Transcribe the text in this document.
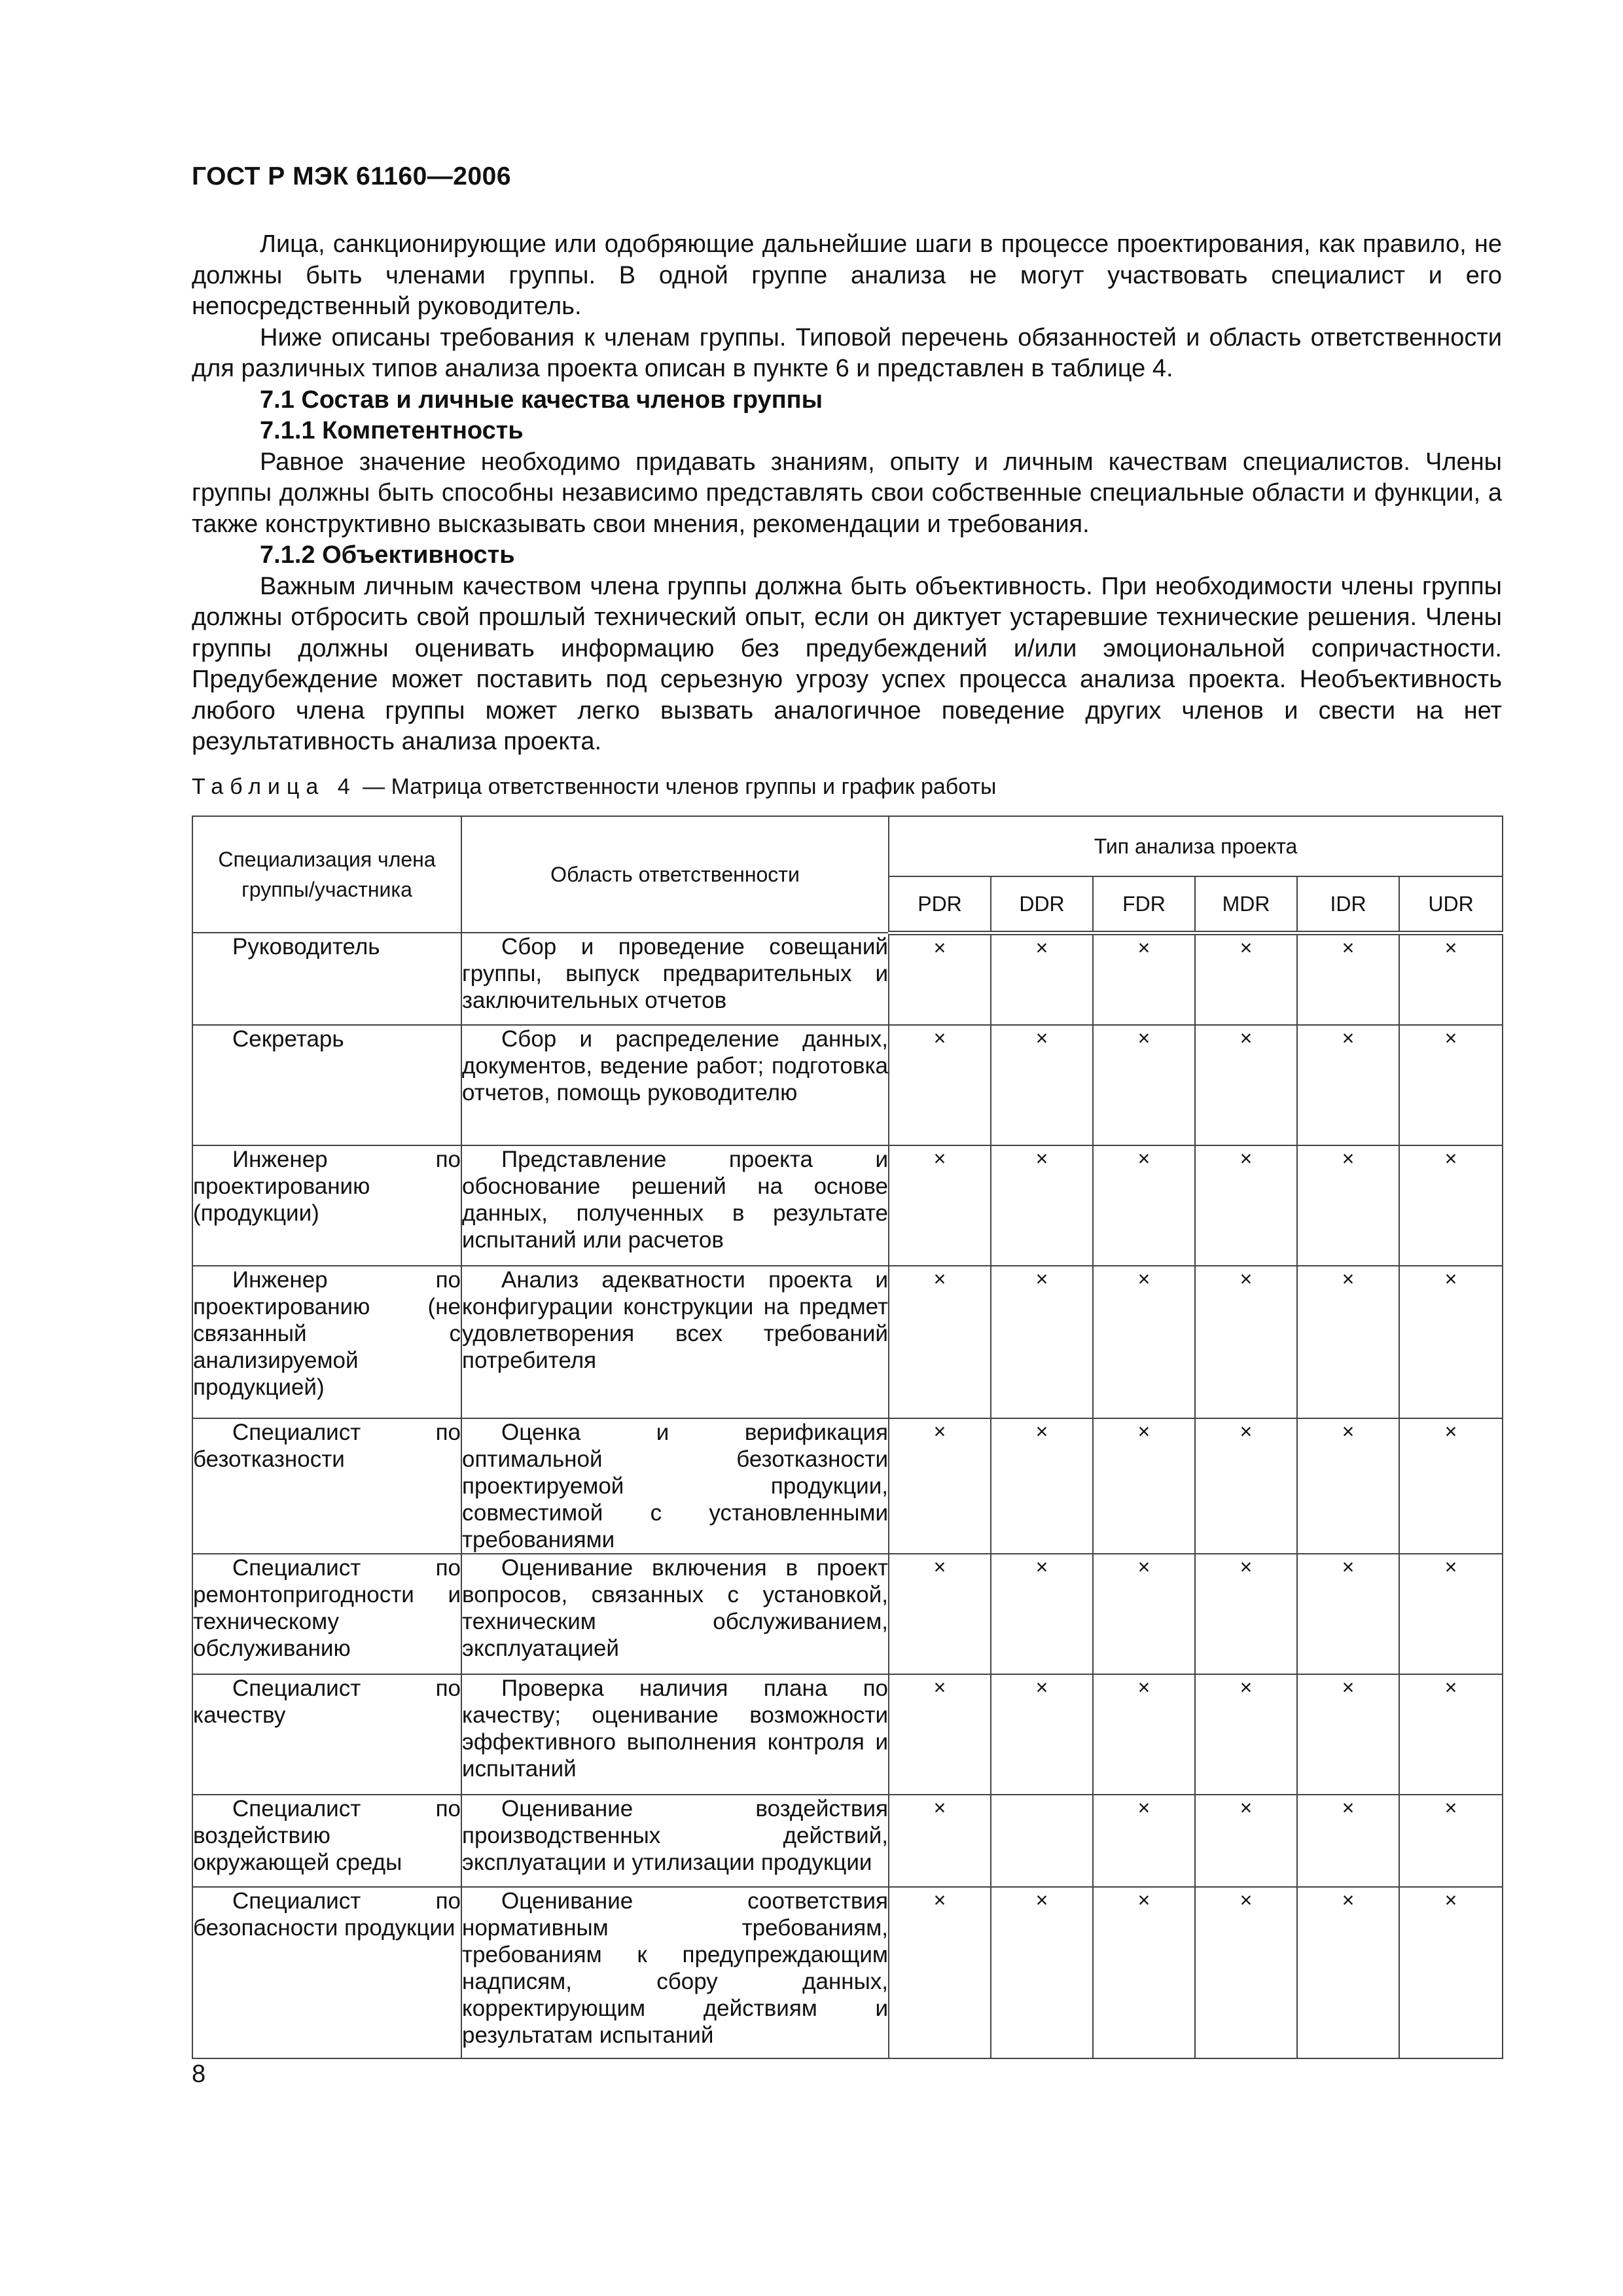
ГОСТ Р МЭК 61160—2006

Лица, санкционирующие или одобряющие дальнейшие шаги в процессе проектирования, как правило, не должны быть членами группы. В одной группе анализа не могут участвовать специалист и его непосредственный руководитель.

Ниже описаны требования к членам группы. Типовой перечень обязанностей и область ответственности для различных типов анализа проекта описан в пункте 6 и представлен в таблице 4.

7.1 Состав и личные качества членов группы
7.1.1 Компетентность

Равное значение необходимо придавать знаниям, опыту и личным качествам специалистов. Члены группы должны быть способны независимо представлять свои собственные специальные области и функции, а также конструктивно высказывать свои мнения, рекомендации и требования.

7.1.2 Объективность

Важным личным качеством члена группы должна быть объективность. При необходимости члены группы должны отбросить свой прошлый технический опыт, если он диктует устаревшие технические решения. Члены группы должны оценивать информацию без предубеждений и/или эмоциональной сопричастности. Предубеждение может поставить под серьезную угрозу успех процесса анализа проекта. Необъективность любого члена группы может легко вызвать аналогичное поведение других членов и свести на нет результативность анализа проекта.

Таблица 4 — Матрица ответственности членов группы и график работы
Специализация члена группы/участника	Область ответственности	Тип анализа проекта					
		PDR	DDR	FDR	MDR	IDR	UDR

Руководитель	Сбор и проведение совещаний группы, выпуск предварительных и заключительных отчетов	×	×	×	×	×	×

Секретарь	Сбор и распределение данных, документов, ведение работ; подготовка отчетов, помощь руководителю	×	×	×	×	×	×

Инженер по проектированию (продукции)	Представление проекта и обоснование решений на основе данных, полученных в результате испытаний или расчетов	×	×	×	×	×	×

Инженер по проектированию (не связанный с анализируемой продукцией)	Анализ адекватности проекта и конфигурации конструкции на предмет удовлетворения всех требований потребителя	×	×	×	×	×	×

Специалист по безотказности	Оценка и верификация оптимальной безотказности проектируемой продукции, совместимой с установленными требованиями	×	×	×	×	×	×

Специалист по ремонтопригодности и техническому обслуживанию	Оценивание включения в проект вопросов, связанных с установкой, техническим обслуживанием, эксплуатацией	×	×	×	×	×	×

Специалист по качеству	Проверка наличия плана по качеству; оценивание возможности эффективного выполнения контроля и испытаний	×	×	×	×	×	×

Специалист по воздействию окружающей среды	Оценивание воздействия производственных действий, эксплуатации и утилизации продукции	×		×	×	×	×

Специалист по безопасности продукции	Оценивание соответствия нормативным требованиям, требованиям к предупреждающим надписям, сбору данных, корректирующим действиям и результатам испытаний	×	×	×	×	×	×
8
